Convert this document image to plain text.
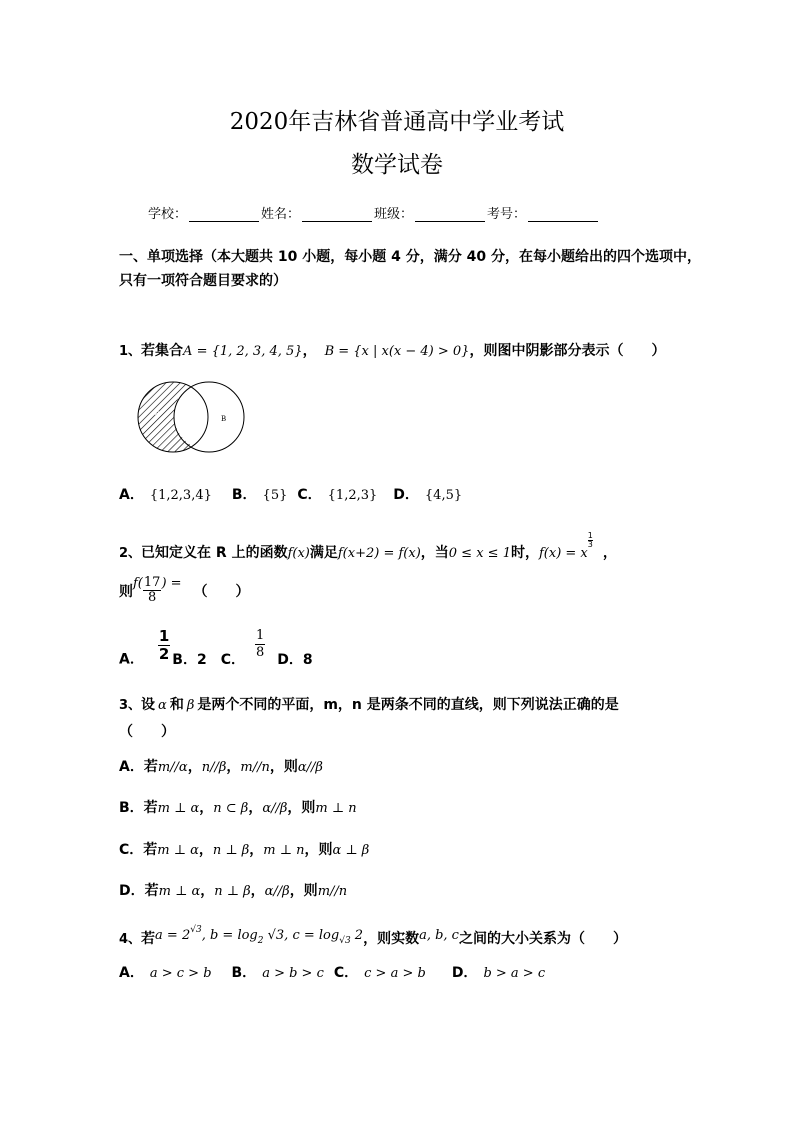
2020年吉林省普通高中学业考试
数学试卷
学校：	姓名：	班级：	考号：
一、单项选择（本大题共 10 小题，每小题 4 分，满分 40 分，在每小题给出的四个选项中，
只有一项符合题目要求的）
1、若集合A = {1, 2, 3, 4, 5}， B = {x | x(x − 4) > 0}，则图中阴影部分表示（　　）
A
B
A． {1,2,3,4} B． {5} C． {1,2,3} D． {4,5}
2、已知定义在 R 上的函数f(x)满足f(x+2) = f(x)，当0 ≤ x ≤ 1时，f(x) = x
$\frac{1}{3}$
，
则$f( \frac{17}{8}$ ) =（　　）
A． $\frac{1}{2}$ B．2 C． $\frac{1}{8}$ D．8
3、设 α 和 β 是两个不同的平面，m，n 是两条不同的直线，则下列说法正确的是
（　　）
A．若m//α，n//β，m//n，则α//β
B．若m ⊥ α，n ⊂ β，α//β，则m ⊥ n
C．若m ⊥ α，n ⊥ β，m ⊥ n，则α ⊥ β
D．若m ⊥ α，n ⊥ β，α//β，则m//n
4、若$a = 2^{√3}$, b = log2 √3, c = log√3 2，则实数a, b, c之间的大小关系为（　　）
A． a > c > b B． a > b > c C． c > a > b D． b > a > c
